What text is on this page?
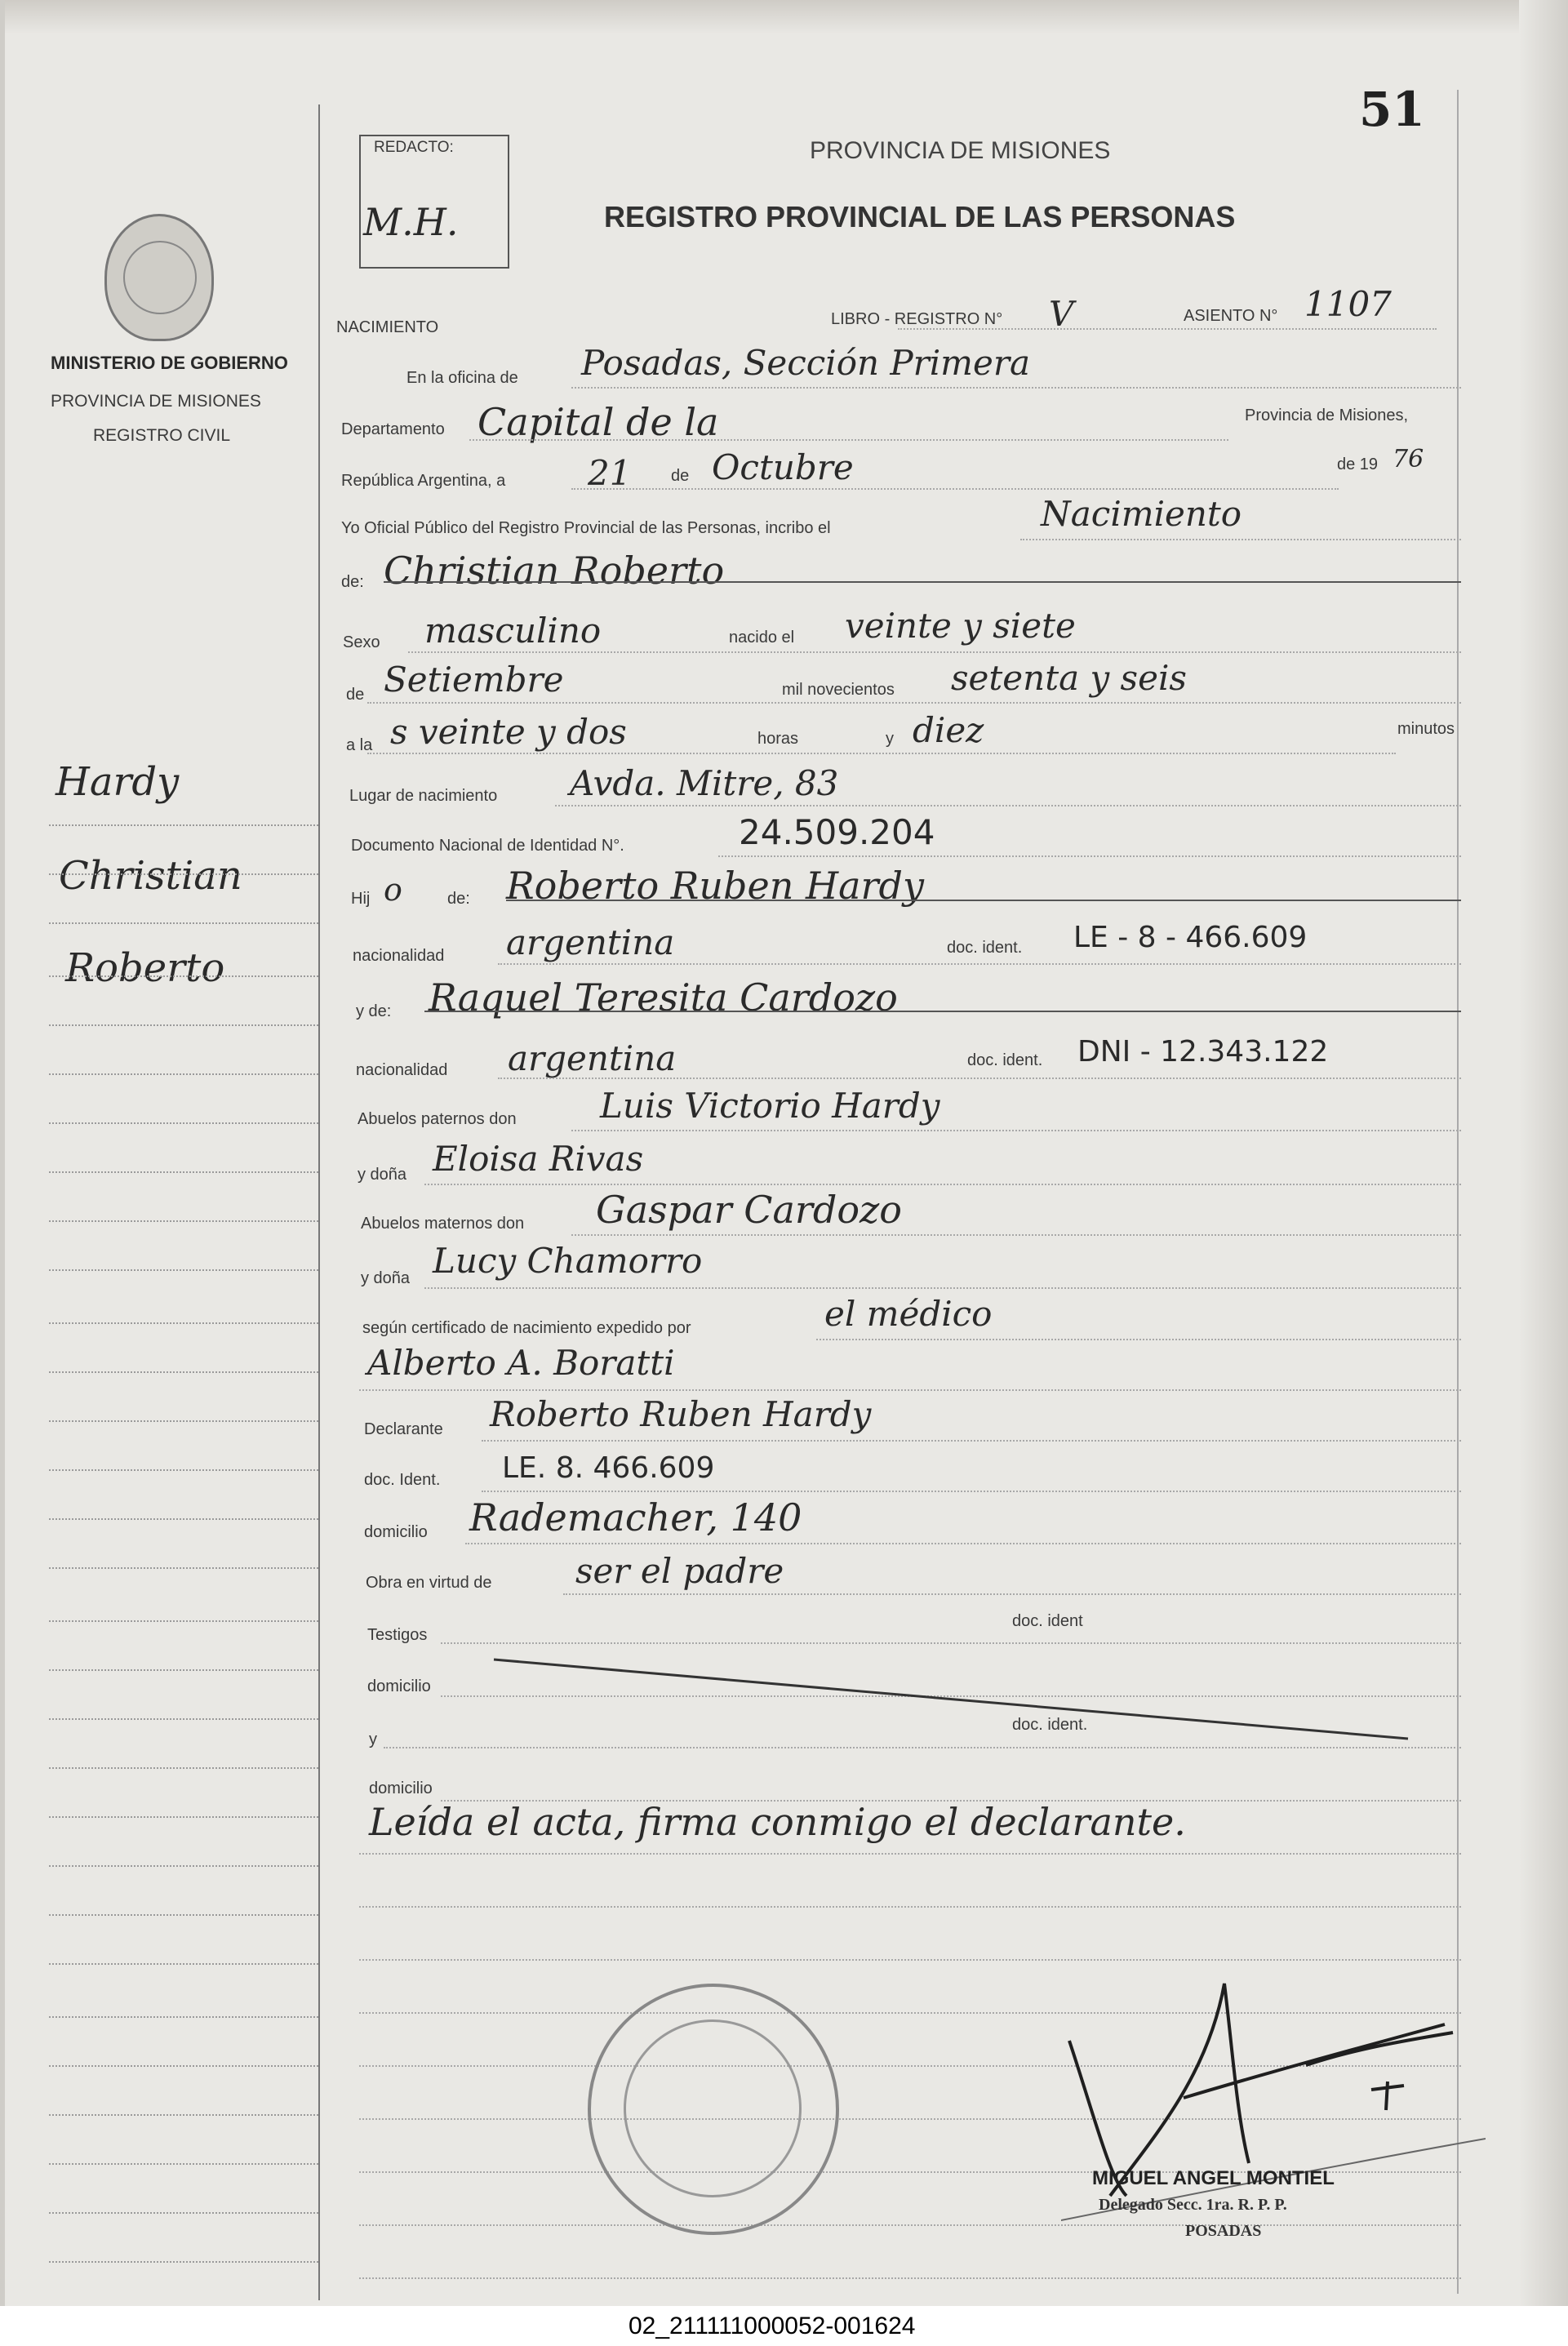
51
MINISTERIO DE GOBIERNO
PROVINCIA DE MISIONES
REGISTRO CIVIL
Hardy
Christian
Roberto
REDACTO:
M.H.
PROVINCIA DE MISIONES
REGISTRO PROVINCIAL DE LAS PERSONAS
NACIMIENTO	LIBRO - REGISTRO N° V	ASIENTO N° 1107
En la oficina de Posadas, Sección Primera
Departamento Capital de la	Provincia de Misiones,
República Argentina, a 21 de Octubre	de 19 76
Yo Oficial Público del Registro Provincial de las Personas, incribo el	Nacimiento
de: Christian Roberto
Sexo masculino	nacido el veinte y siete
de Setiembre	mil novecientos setenta y seis
a la s veinte y dos	horas	y diez	minutos
Lugar de nacimiento Avda. Mitre, 83
Documento Nacional de Identidad N°.	24.509.204
Hij o	de: Roberto Ruben Hardy
nacionalidad argentina	doc. ident. LE - 8 - 466.609
y de: Raquel Teresita Cardozo
nacionalidad argentina	doc. ident. DNI - 12.343.122
Abuelos paternos don Luis Victorio Hardy
y doña Eloisa Rivas
Abuelos maternos don Gaspar Cardozo
y doña Lucy Chamorro
según certificado de nacimiento expedido por	el médico
Alberto A. Boratti
Declarante Roberto Ruben Hardy
doc. Ident. LE. 8. 466.609
domicilio Rademacher, 140
Obra en virtud de ser el padre
Testigos
doc. ident
domicilio
y
doc. ident.
domicilio
Leída el acta, firma conmigo el declarante.
MIGUEL ANGEL MONTIEL
Delegado Secc. 1ra. R. P. P.
POSADAS
02_211111000052-001624
